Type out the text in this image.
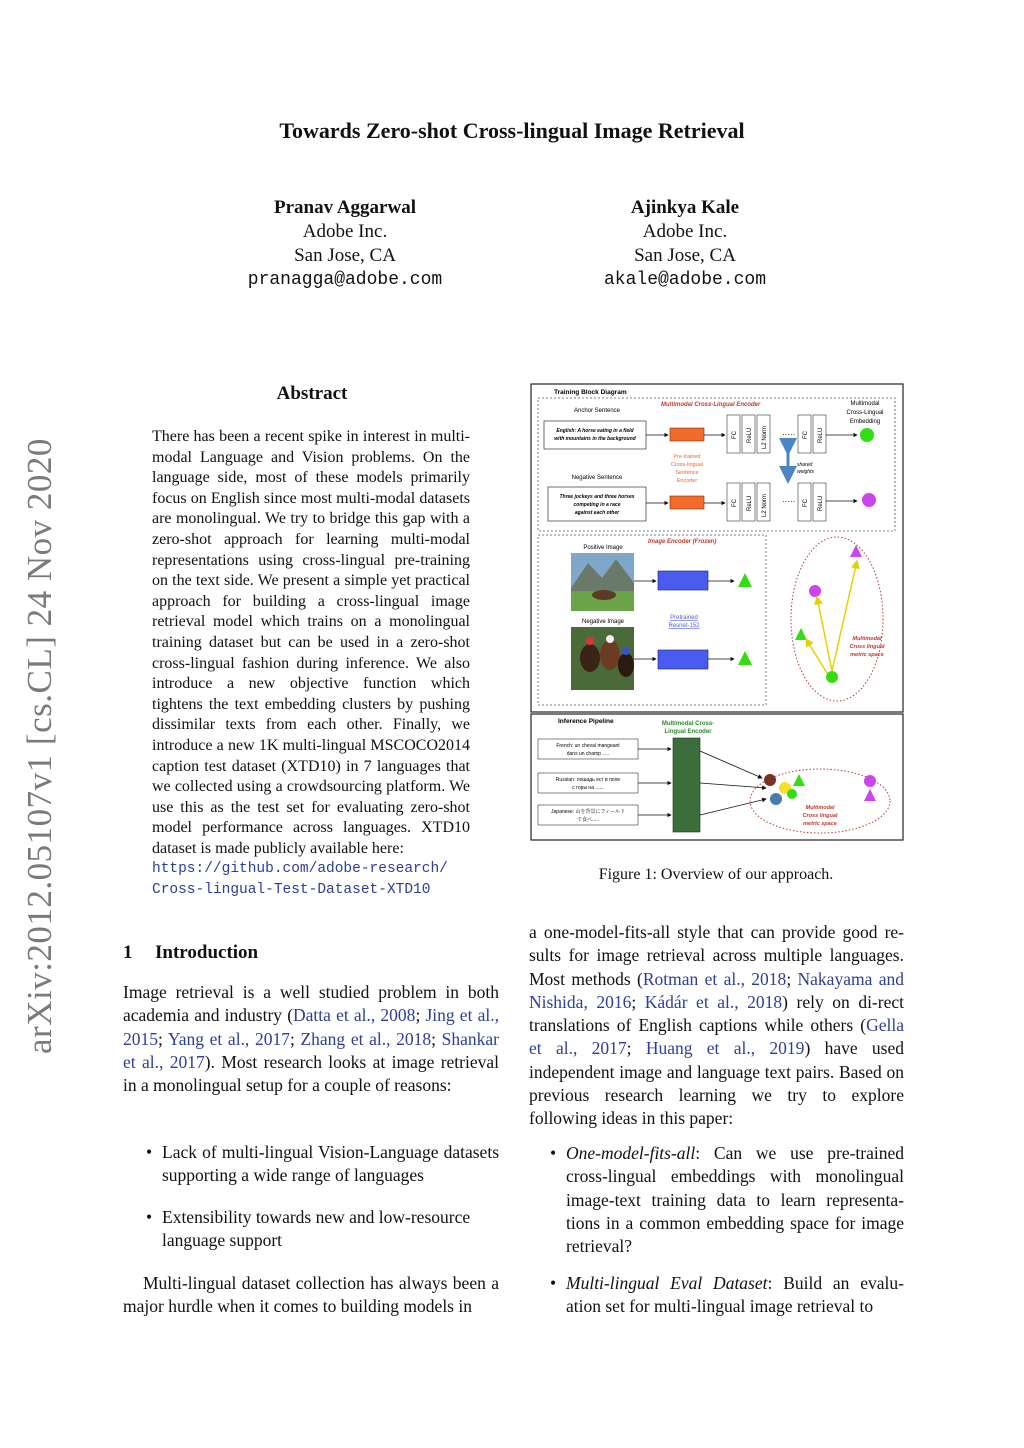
arXiv:2012.05107v1 [cs.CL] 24 Nov 2020
Towards Zero-shot Cross-lingual Image Retrieval
Pranav Aggarwal
Adobe Inc.
San Jose, CA
pranagga@adobe.com
Ajinkya Kale
Adobe Inc.
San Jose, CA
akale@adobe.com
Abstract
There has been a recent spike in interest in multi-modal Language and Vision problems. On the language side, most of these models primarily focus on English since most multi-modal datasets are monolingual. We try to bridge this gap with a zero-shot approach for learning multi-modal representations using cross-lingual pre-training on the text side. We present a simple yet practical approach for building a cross-lingual image retrieval model which trains on a monolingual training dataset but can be used in a zero-shot cross-lingual fashion during inference. We also introduce a new objective function which tightens the text embedding clusters by pushing dissimilar texts from each other. Finally, we introduce a new 1K multi-lingual MSCOCO2014 caption test dataset (XTD10) in 7 languages that we collected using a crowdsourcing platform. We use this as the test set for evaluating zero-shot model performance across languages. XTD10 dataset is made publicly available here:
https://github.com/adobe-research/
Cross-lingual-Test-Dataset-XTD10
1 Introduction
Image retrieval is a well studied problem in both academia and industry (Datta et al., 2008; Jing et al., 2015; Yang et al., 2017; Zhang et al., 2018; Shankar et al., 2017). Most research looks at image retrieval in a monolingual setup for a couple of reasons:
• Lack of multi-lingual Vision-Language datasets supporting a wide range of languages
• Extensibility towards new and low-resource language support
Multi-lingual dataset collection has always been a major hurdle when it comes to building models in
a one-model-fits-all style that can provide good re-sults for image retrieval across multiple languages. Most methods (Rotman et al., 2018; Nakayama and Nishida, 2016; Kádár et al., 2018) rely on di-rect translations of English captions while others (Gella et al., 2017; Huang et al., 2019) have used independent image and language text pairs. Based on previous research learning we try to explore following ideas in this paper:
• One-model-fits-all: Can we use pre-trained cross-lingual embeddings with monolingual image-text training data to learn representa-tions in a common embedding space for image retrieval?
• Multi-lingual Eval Dataset: Build an evalu-ation set for multi-lingual image retrieval to
Training Block Diagram
Multimodal Cross-Lingual Encoder	Multimodal
Cross-Lingual
Embedding
Anchor Sentence
English: A horse eating in a field
with mountains in the background
Negative Sentence
Three jockeys and three horses
competing in a race
against each other
Pre-trained
Cross-lingual
Sentence
Encoder
FC ReLU L2 Norm
FC ReLU L2 Norm
·····
·····
FC ReLU
FC ReLU
shared
weights
Image Encoder (Frozen)
Positive Image
Negative Image
Pretrained
Resnet-152
Multimodal
Cross lingual
metric space
Inference Pipeline	Multimodal Cross-
Lingual Encoder
French: un cheval mangeant
dans un champ .....
Russian: лошадь ест в поле
с горы на ......
Japanese: 山を背景にフィールド
で食べ.....
Multimodal
Cross lingual
metric space
Figure 1: Overview of our approach.
